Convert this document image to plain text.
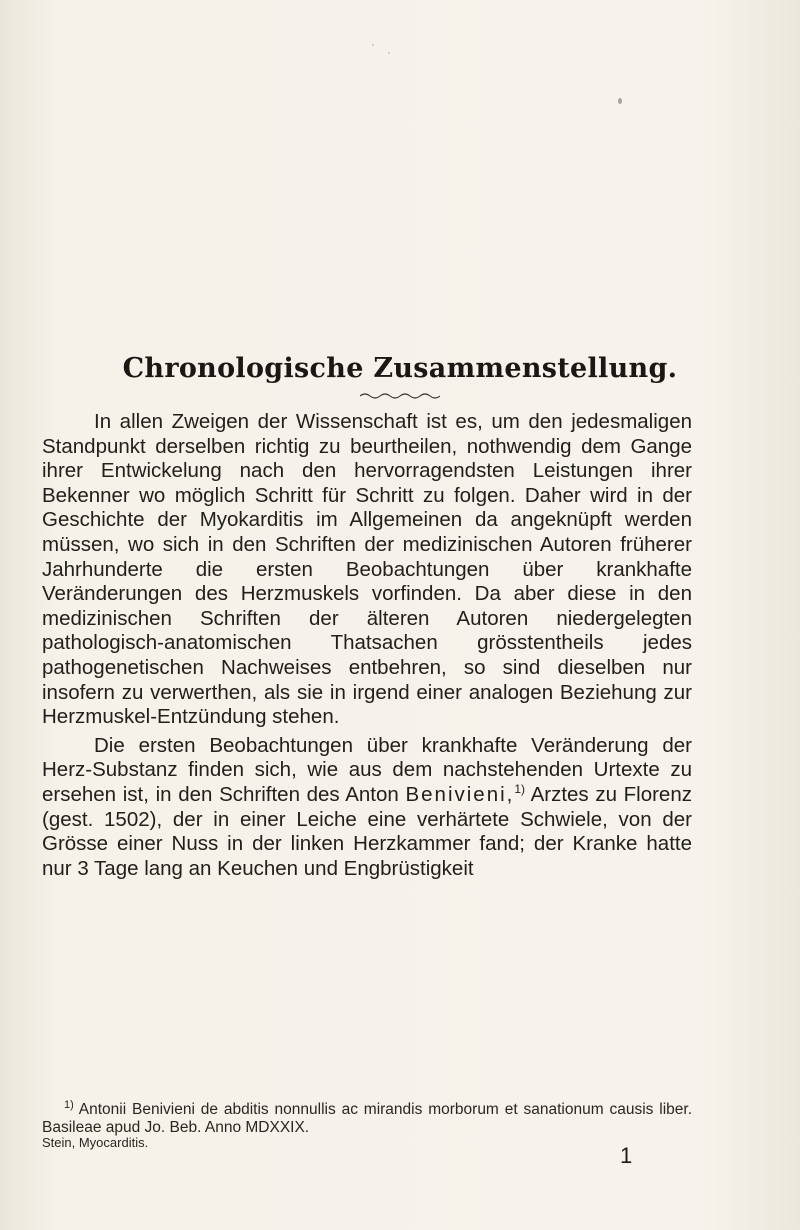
Chronologische Zusammenstellung.

In allen Zweigen der Wissenschaft ist es, um den jedesmaligen Standpunkt derselben richtig zu beurtheilen, nothwendig dem Gange ihrer Entwickelung nach den hervorragendsten Leistungen ihrer Bekenner wo möglich Schritt für Schritt zu folgen. Daher wird in der Geschichte der Myokarditis im Allgemeinen da angeknüpft werden müssen, wo sich in den Schriften der medizinischen Autoren früherer Jahrhunderte die ersten Beobachtungen über krankhafte Veränderungen des Herzmuskels vorfinden. Da aber diese in den medizinischen Schriften der älteren Autoren niedergelegten pathologisch-anatomischen Thatsachen grösstentheils jedes pathogenetischen Nachweises entbehren, so sind dieselben nur insofern zu verwerthen, als sie in irgend einer analogen Beziehung zur Herzmuskel-Entzündung stehen.

Die ersten Beobachtungen über krankhafte Veränderung der Herz-Substanz finden sich, wie aus dem nachstehenden Urtexte zu ersehen ist, in den Schriften des Anton Benivieni,$^{1)}$ Arztes zu Florenz (gest. 1502), der in einer Leiche eine verhärtete Schwiele, von der Grösse einer Nuss in der linken Herzkammer fand; der Kranke hatte nur 3 Tage lang an Keuchen und Engbrüstigkeit

$^{1)}$ Antonii Benivieni de abditis nonnullis ac mirandis morborum et sanationum causis liber. Basileae apud Jo. Beb. Anno MDXXIX.

Stein, Myocarditis.
1
